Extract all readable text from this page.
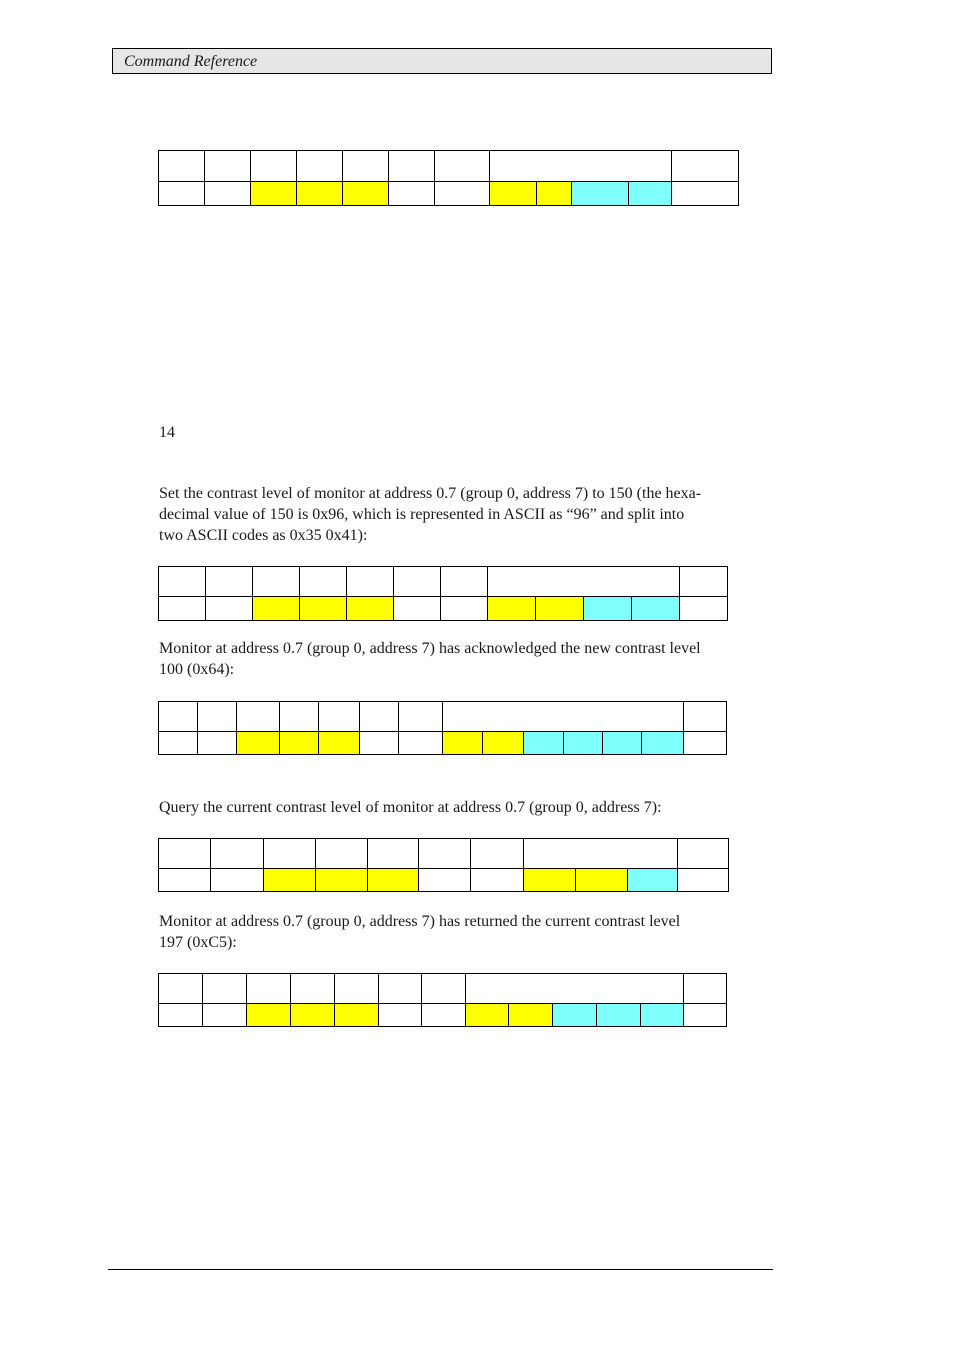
Command Reference

14
Set the contrast level of monitor at address 0.7 (group 0, address 7) to 150 (the hexa-
decimal value of 150 is 0x96, which is represented in ASCII as “96” and split into
two ASCII codes as 0x35 0x41):

Monitor at address 0.7 (group 0, address 7) has acknowledged the new contrast level
100 (0x64):

Query the current contrast level of monitor at address 0.7 (group 0, address 7):

Monitor at address 0.7 (group 0, address 7) has returned the current contrast level
197 (0xC5):
